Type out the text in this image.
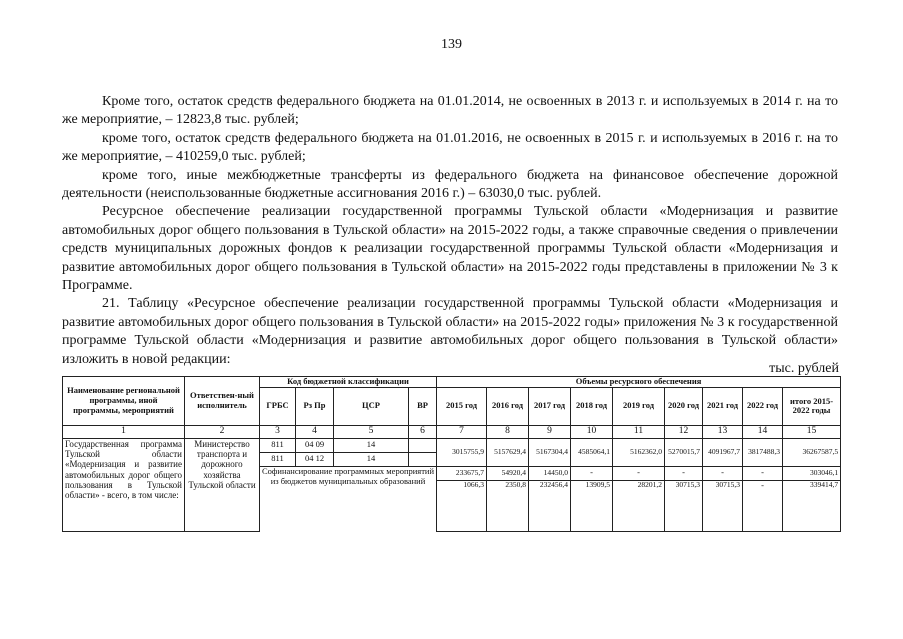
139

Кроме того, остаток средств федерального бюджета на 01.01.2014, не освоенных в 2013 г. и используемых в 2014 г. на то же мероприятие, – 12823,8 тыс. рублей;

кроме того, остаток средств федерального бюджета на 01.01.2016, не освоенных в 2015 г. и используемых в 2016 г. на то же мероприятие, – 410259,0 тыс. рублей;

кроме того, иные межбюджетные трансферты из федерального бюджета на финансовое обеспечение дорожной деятельности (неиспользованные бюджетные ассигнования 2016 г.) – 63030,0 тыс. рублей.

Ресурсное обеспечение реализации государственной программы Тульской области «Модернизация и развитие автомобильных дорог общего пользования в Тульской области» на 2015-2022 годы, а также справочные сведения о привлечении средств муниципальных дорожных фондов к реализации государственной программы Тульской области «Модернизация и развитие автомобильных дорог общего пользования в Тульской области» на 2015-2022 годы представлены в приложении № 3 к Программе.

21. Таблицу «Ресурсное обеспечение реализации государственной программы Тульской области «Модернизация и развитие автомобильных дорог общего пользования в Тульской области» на 2015-2022 годы» приложения № 3 к государственной программе Тульской области «Модернизация и развитие автомобильных дорог общего пользования в Тульской области» изложить в новой редакции:

тыс. рублей
Наименование региональной программы, иной программы, мероприятий	Ответствен-ный исполнитель	Код бюджетной классификации				Объемы ресурсного обеспечения								
		ГРБС	Рз Пр	ЦСР	ВР	2015 год	2016 год	2017 год	2018 год	2019 год	2020 год	2021 год	2022 год	итого 2015-2022 годы
1	2	3	4	5	6	7	8	9	10	11	12	13	14	15

Государственная программа Тульской области «Модернизация и развитие автомобильных дорог общего пользования в Тульской области» - всего, в том числе:	Министерство транспорта и дорожного хозяйства Тульской области	811	04 09	14		3015755,9	5157629,4	5167304,4	4585064,1	5162362,0	5270015,7	4091967,7	3817488,3	36267587,5
		811	04 12	14										
		Софинансирование программных мероприятий из бюджетов муниципальных образований				233675,7	54920,4	14450,0	-	-	-	-	-	303046,1
						1066,3	2350,8	232456,4	13909,5	28201,2	30715,3	30715,3	-	339414,7
